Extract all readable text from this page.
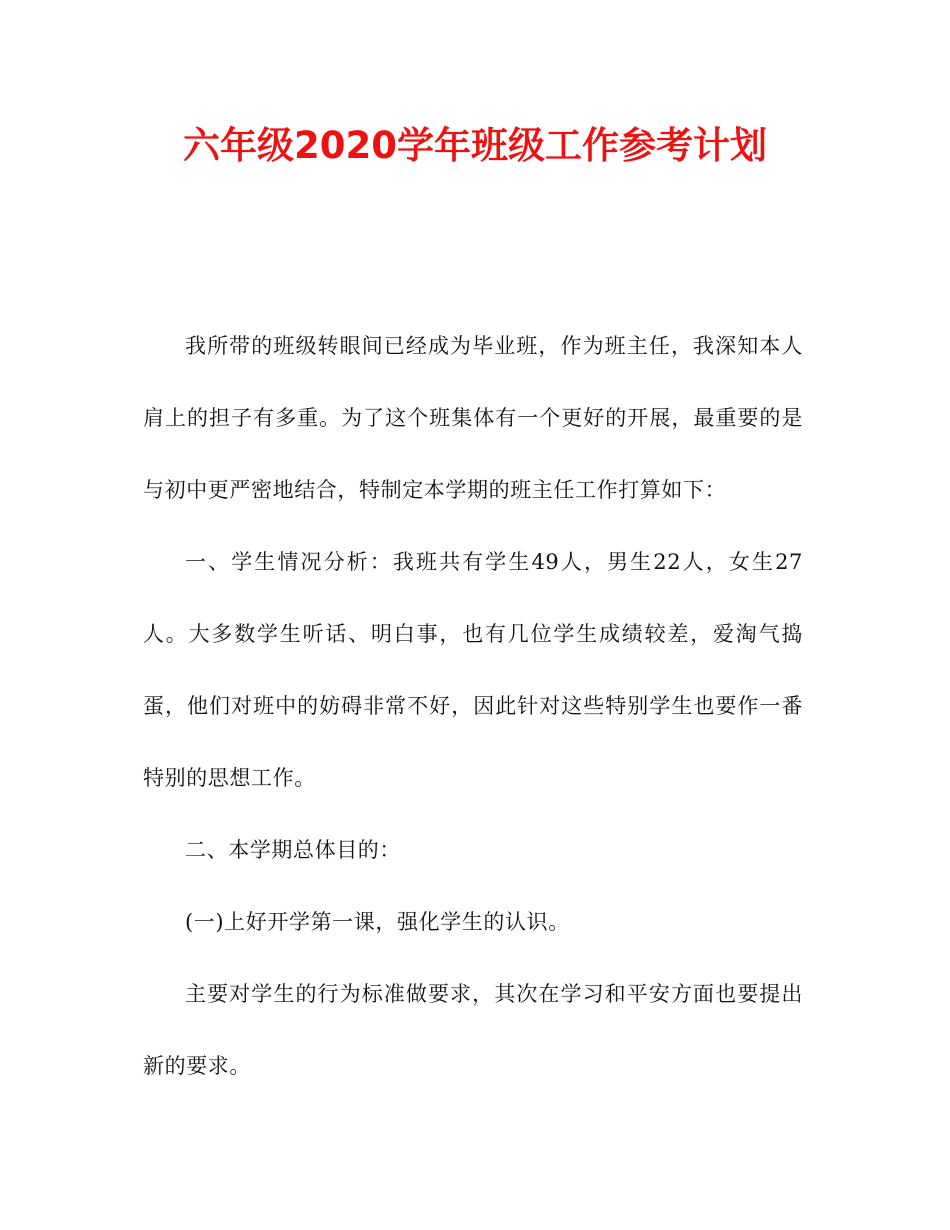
六年级2020学年班级工作参考计划

我所带的班级转眼间已经成为毕业班，作为班主任，我深知本人肩上的担子有多重。为了这个班集体有一个更好的开展，最重要的是与初中更严密地结合，特制定本学期的班主任工作打算如下：

一、学生情况分析：我班共有学生49人，男生22人，女生27人。大多数学生听话、明白事，也有几位学生成绩较差，爱淘气捣蛋，他们对班中的妨碍非常不好，因此针对这些特别学生也要作一番特别的思想工作。

二、本学期总体目的：

(一)上好开学第一课，强化学生的认识。

主要对学生的行为标准做要求，其次在学习和平安方面也要提出新的要求。
